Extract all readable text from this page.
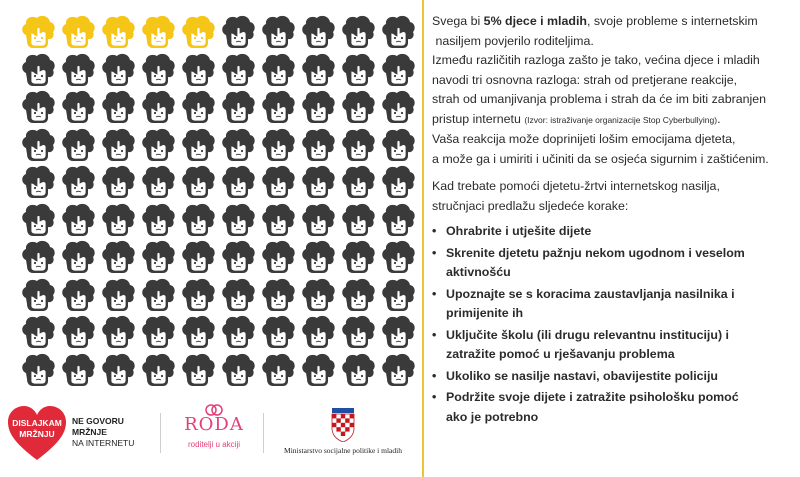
Svega bi 5% djece i mladih, svoje probleme s internetskim
nasiljem povjerilo roditeljima.

Između različitih razloga zašto je tako, većina djece i mladih
navodi tri osnovna razloga: strah od pretjerane reakcije,
strah od umanjivanja problema i strah da će im biti zabranjen
pristup internetu (Izvor: istraživanje organizacije Stop Cyberbullying).

Vaša reakcija može doprinijeti lošim emocijama djeteta,
a može ga i umiriti i učiniti da se osjeća sigurnim i zaštićenim.

Kad trebate pomoći djetetu-žrtvi internetskog nasilja,
stručnjaci predlažu sljedeće korake:

• Ohrabrite i utješite dijete
• Skrenite djetetu pažnju nekom ugodnom i veselom
aktivnošću
• Upoznajte se s koracima zaustavljanja nasilnika i
primijenite ih
• Uključite školu (ili drugu relevantnu instituciju) i
zatražite pomoć u rješavanju problema
• Ukoliko se nasilje nastavi, obavijestite policiju
• Podržite svoje dijete i zatražite psihološku pomoć
ako je potrebno
DISLAJKAM
MRŽNJU
NE GOVORU
MRŽNJE
NA INTERNETU
RODA
roditelji u akciji
Ministarstvo socijalne politike i mladih
